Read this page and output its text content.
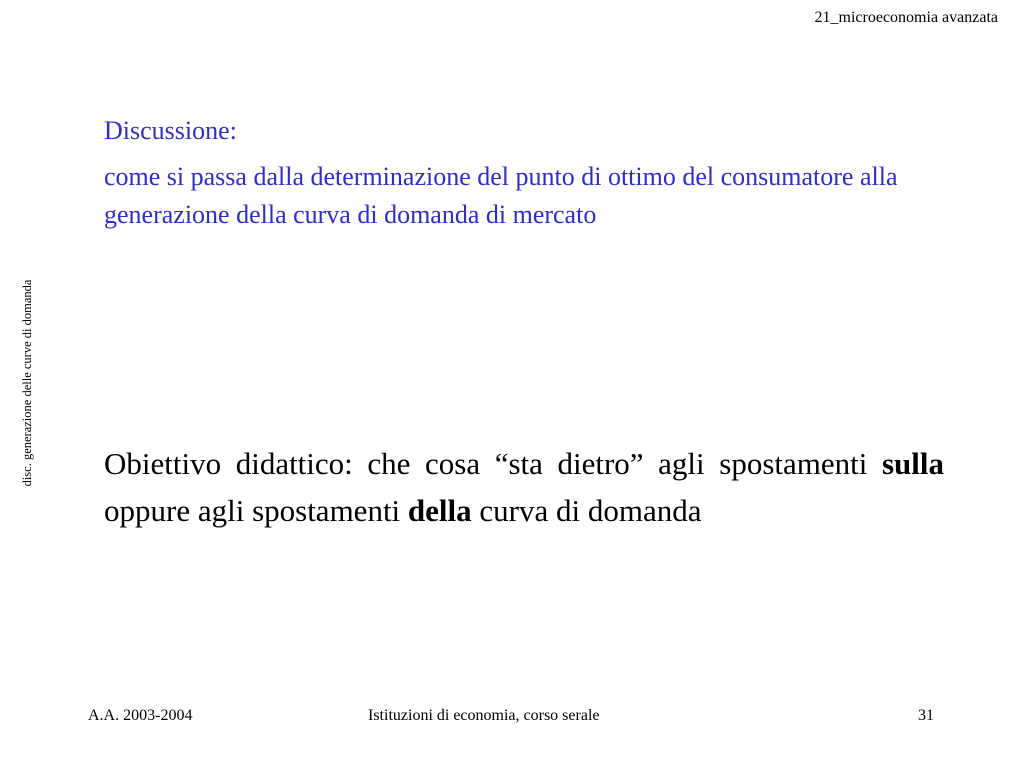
21_microeconomia avanzata
disc. generazione delle curve di domanda
Discussione:

come si passa dalla determinazione del punto di ottimo del consumatore alla generazione della curva di domanda di mercato

Obiettivo didattico: che cosa “sta dietro” agli spostamenti sulla oppure agli spostamenti della curva di domanda

A.A. 2003-2004	Istituzioni di economia, corso serale	31
